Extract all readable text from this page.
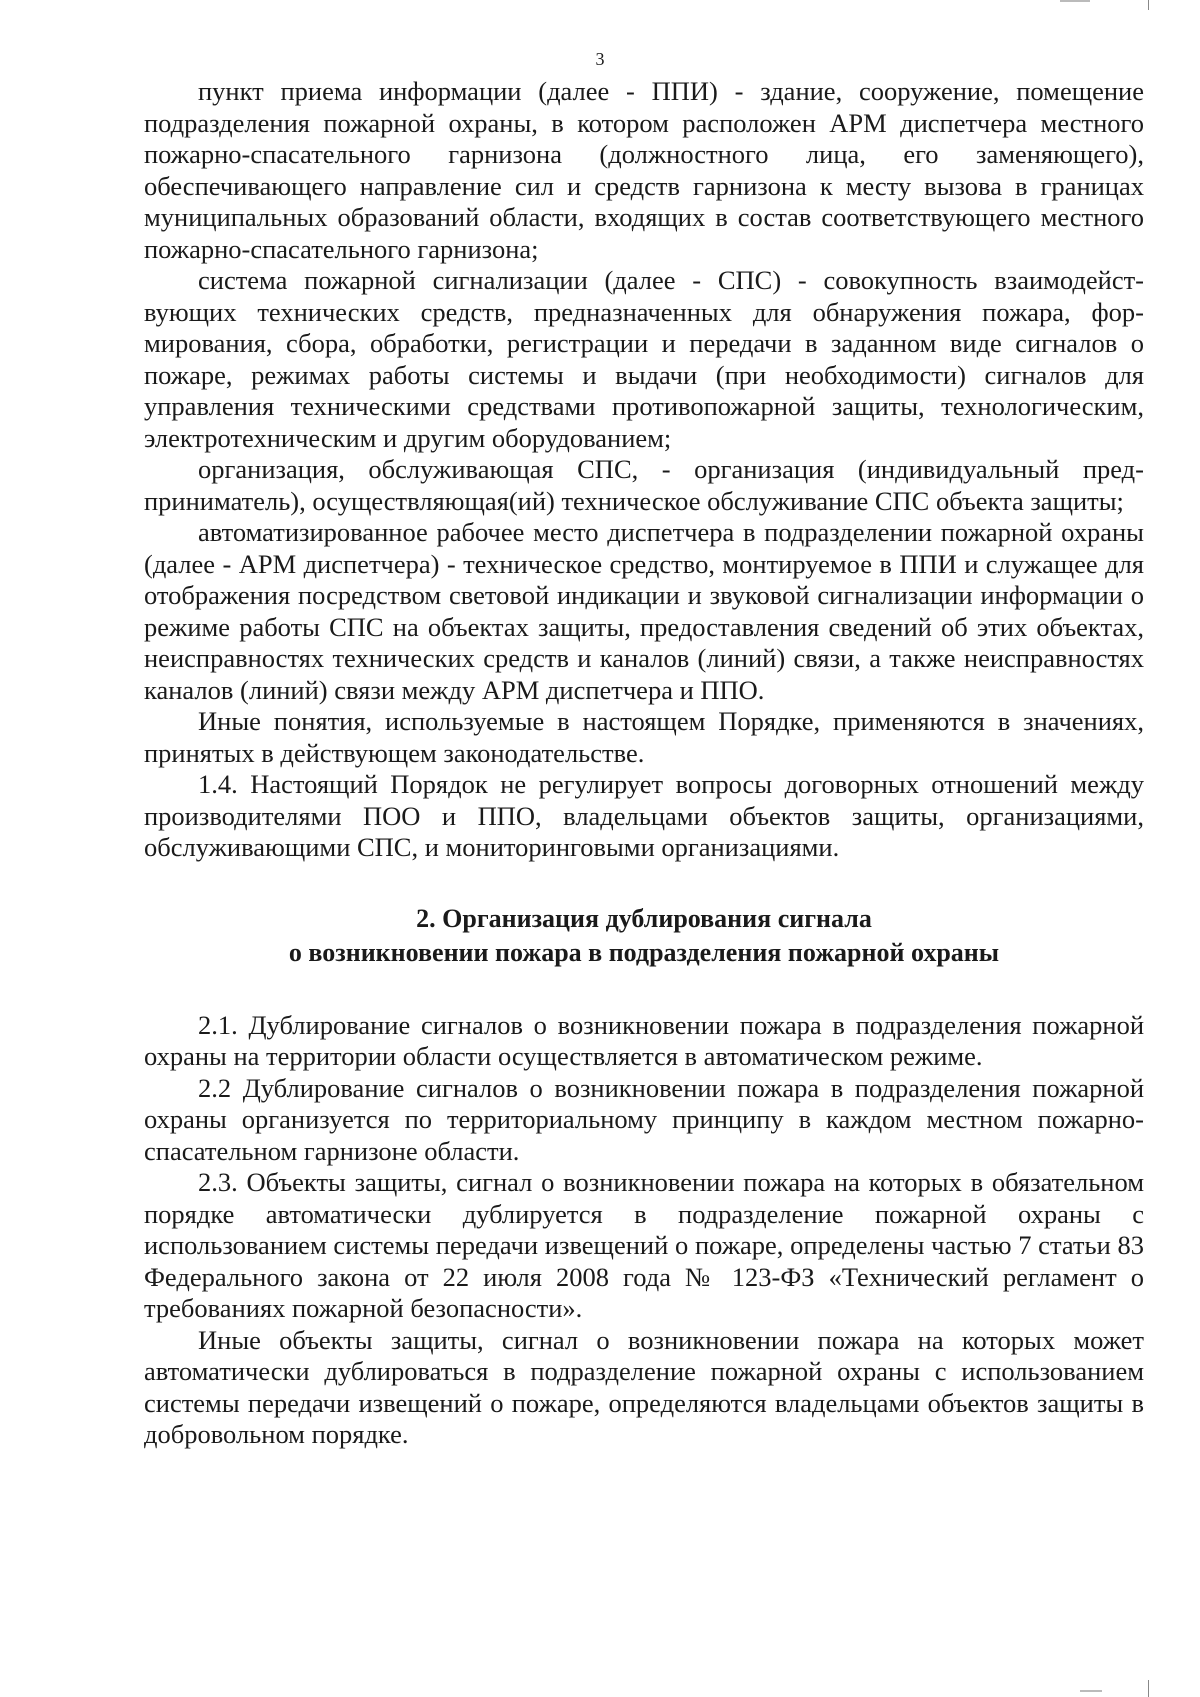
3

пункт приема информации (далее - ППИ) - здание, сооружение, помещение подразделения пожарной охраны, в котором расположен АРМ диспетчера местного пожарно-спасательного гарнизона (должностного лица, его заменяющего), обеспечивающего направление сил и средств гарнизона к месту вызова в границах муниципальных образований области, входящих в состав соответствующего местного пожарно-спасательного гарнизона;

система пожарной сигнализации (далее - СПС) - совокупность взаимодействующих технических средств, предназначенных для обнаружения пожара, формирования, сбора, обработки, регистрации и передачи в заданном виде сигналов о пожаре, режимах работы системы и выдачи (при необходимости) сигналов для управления техническими средствами противопожарной защиты, технологическим, электротехническим и другим оборудованием;

организация, обслуживающая СПС, - организация (индивидуальный предприниматель), осуществляющая(ий) техническое обслуживание СПС объекта защиты;

автоматизированное рабочее место диспетчера в подразделении пожарной охраны (далее - АРМ диспетчера) - техническое средство, монтируемое в ППИ и служащее для отображения посредством световой индикации и звуковой сигнализации информации о режиме работы СПС на объектах защиты, предоставления сведений об этих объектах, неисправностях технических средств и каналов (линий) связи, а также неисправностях каналов (линий) связи между АРМ диспетчера и ППО.

Иные понятия, используемые в настоящем Порядке, применяются в значениях, принятых в действующем законодательстве.

1.4. Настоящий Порядок не регулирует вопросы договорных отношений между производителями ПОО и ППО, владельцами объектов защиты, организациями, обслуживающими СПС, и мониторинговыми организациями.

2. Организация дублирования сигнала

о возникновении пожара в подразделения пожарной охраны

2.1. Дублирование сигналов о возникновении пожара в подразделения пожарной охраны на территории области осуществляется в автоматическом режиме.

2.2 Дублирование сигналов о возникновении пожара в подразделения пожарной охраны организуется по территориальному принципу в каждом местном пожарно-спасательном гарнизоне области.

2.3. Объекты защиты, сигнал о возникновении пожара на которых в обязательном порядке автоматически дублируется в подразделение пожарной охраны с использованием системы передачи извещений о пожаре, определены частью 7 статьи 83 Федерального закона от 22 июля 2008 года № 123-ФЗ «Технический регламент о требованиях пожарной безопасности».

Иные объекты защиты, сигнал о возникновении пожара на которых может автоматически дублироваться в подразделение пожарной охраны с использованием системы передачи извещений о пожаре, определяются владельцами объектов защиты в добровольном порядке.
